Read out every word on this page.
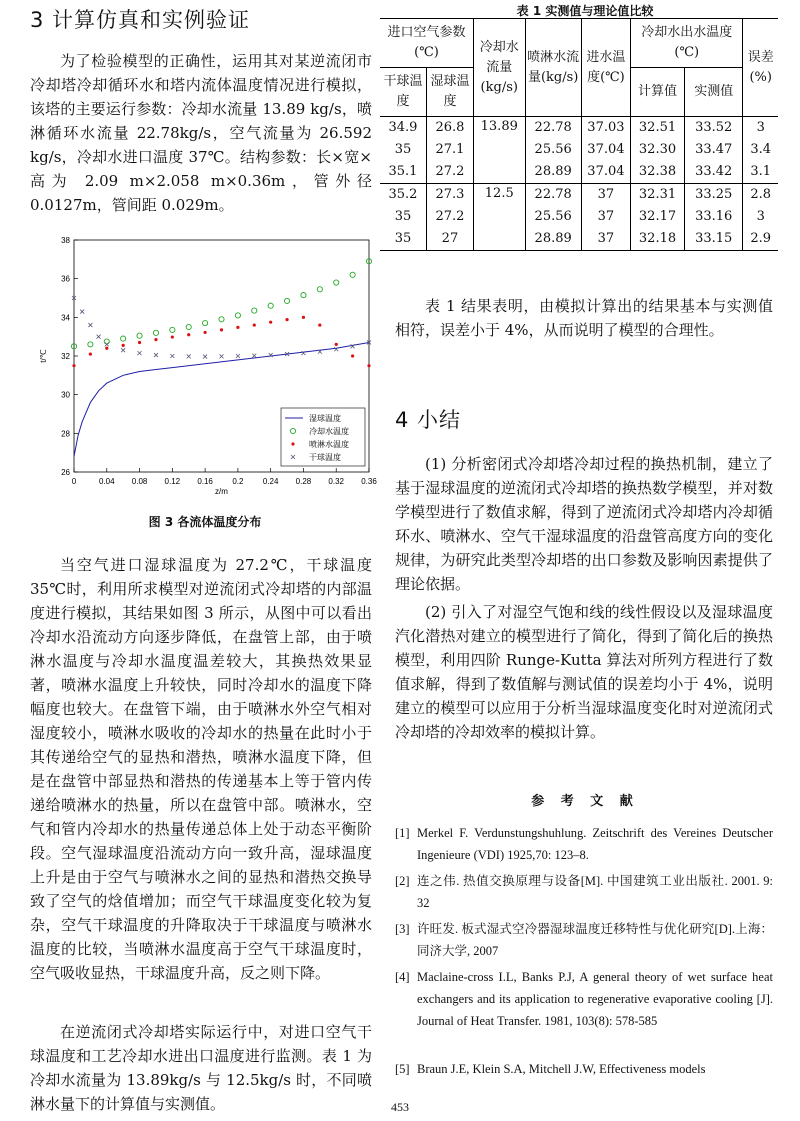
3 计算仿真和实例验证

为了检验模型的正确性，运用其对某逆流闭市冷却塔冷却循环水和塔内流体温度情况进行模拟，该塔的主要运行参数：冷却水流量 13.89 kg/s，喷淋循环水流量 22.78kg/s，空气流量为 26.592 kg/s，冷却水进口温度 37℃。结构参数：长×宽×高为 2.09 m×2.058 m×0.36m，管外径 0.0127m，管间距 0.029m。

0	0.04 0.08 0.12 0.16 0.2 0.24 0.28 0.32 0.36
26
28
30
32
34
36
38
z/m
t/℃
湿球温度
冷却水温度
喷淋水温度
干球温度
图 3 各流体温度分布

当空气进口湿球温度为 27.2℃，干球温度 35℃时，利用所求模型对逆流闭式冷却塔的内部温度进行模拟，其结果如图 3 所示，从图中可以看出冷却水沿流动方向逐步降低，在盘管上部，由于喷淋水温度与冷却水温度温差较大，其换热效果显著，喷淋水温度上升较快，同时冷却水的温度下降幅度也较大。在盘管下端，由于喷淋水外空气相对湿度较小，喷淋水吸收的冷却水的热量在此时小于其传递给空气的显热和潜热，喷淋水温度下降，但是在盘管中部显热和潜热的传递基本上等于管内传递给喷淋水的热量，所以在盘管中部。喷淋水，空气和管内冷却水的热量传递总体上处于动态平衡阶段。空气湿球温度沿流动方向一致升高，湿球温度上升是由于空气与喷淋水之间的显热和潜热交换导致了空气的焓值增加；而空气干球温度变化较为复杂，空气干球温度的升降取决于干球温度与喷淋水温度的比较，当喷淋水温度高于空气干球温度时，空气吸收显热，干球温度升高，反之则下降。

在逆流闭式冷却塔实际运行中，对进口空气干球温度和工艺冷却水进出口温度进行监测。表 1 为冷却水流量为 13.89kg/s 与 12.5kg/s 时，不同喷淋水量下的计算值与实测值。

表 1 实测值与理论值比较
进口空气参数(℃)		冷却水流量(kg/s)	喷淋水流量(kg/s)	进水温度(℃)	冷却水出水温度(℃)		误差(%)
干球温度	湿球温度				计算值	实测值	
34.9	26.8	13.89	22.78	37.03	32.51	33.52	3
35	27.1		25.56	37.04	32.30	33.47	3.4
35.1	27.2		28.89	37.04	32.38	33.42	3.1
35.2	27.3	12.5	22.78	37	32.31	33.25	2.8
35	27.2		25.56	37	32.17	33.16	3
35	27		28.89	37	32.18	33.15	2.9

表 1 结果表明，由模拟计算出的结果基本与实测值相符，误差小于 4%，从而说明了模型的合理性。

4 小结

(1) 分析密闭式冷却塔冷却过程的换热机制，建立了基于湿球温度的逆流闭式冷却塔的换热数学模型，并对数学模型进行了数值求解，得到了逆流闭式冷却塔内冷却循环水、喷淋水、空气干湿球温度的沿盘管高度方向的变化规律，为研究此类型冷却塔的出口参数及影响因素提供了理论依据。

(2) 引入了对湿空气饱和线的线性假设以及湿球温度汽化潜热对建立的模型进行了简化，得到了简化后的换热模型，利用四阶 Runge-Kutta 算法对所列方程进行了数值求解，得到了数值解与测试值的误差均小于 4%，说明建立的模型可以应用于分析当湿球温度变化时对逆流闭式冷却塔的冷却效率的模拟计算。

参 考 文 献
[1] Merkel F. Verdunstungshuhlung. Zeitschrift des Vereines Deutscher Ingenieure (VDI) 1925,70: 123–8.
[2] 连之伟. 热值交换原理与设备[M]. 中国建筑工业出版社. 2001. 9: 32
[3] 许旺发. 板式湿式空冷器湿球温度迁移特性与优化研究[D].上海：同济大学, 2007
[4] Maclaine-cross I.L, Banks P.J, A general theory of wet surface heat exchangers and its application to regenerative evaporative cooling [J]. Journal of Heat Transfer. 1981, 103(8): 578-585
[5] Braun J.E, Klein S.A, Mitchell J.W, Effectiveness models
453
